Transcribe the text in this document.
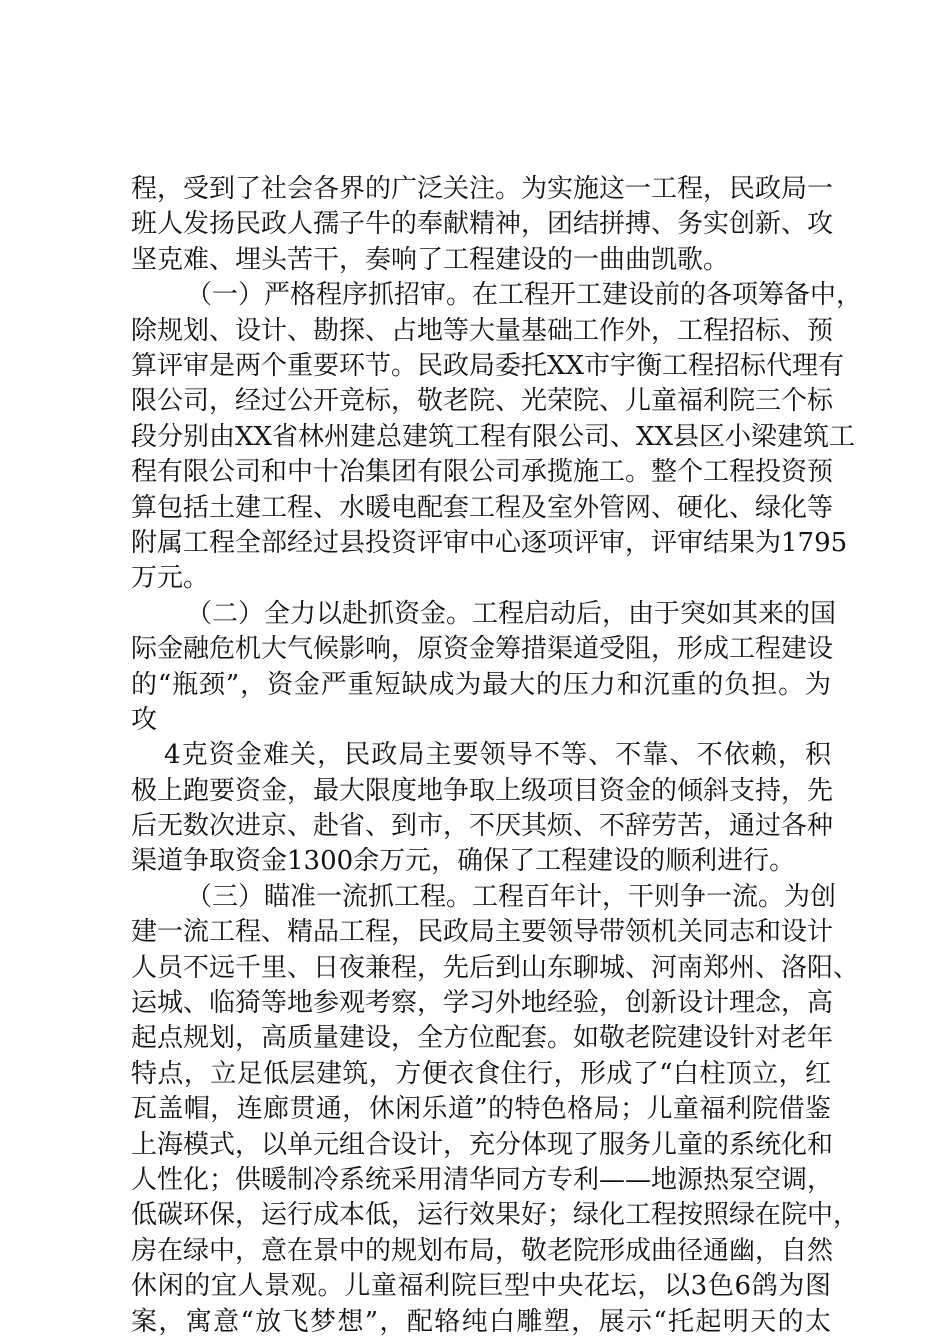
程，受到了社会各界的广泛关注。为实施这一工程，民政局一
班人发扬民政人孺子牛的奉献精神，团结拼搏、务实创新、攻
坚克难、埋头苦干，奏响了工程建设的一曲曲凯歌。
（一）严格程序抓招审。在工程开工建设前的各项筹备中，
除规划、设计、勘探、占地等大量基础工作外，工程招标、预
算评审是两个重要环节。民政局委托XX市宇衡工程招标代理有
限公司，经过公开竞标，敬老院、光荣院、儿童福利院三个标
段分别由XX省林州建总建筑工程有限公司、XX县区小梁建筑工
程有限公司和中十冶集团有限公司承揽施工。整个工程投资预
算包括土建工程、水暖电配套工程及室外管网、硬化、绿化等
附属工程全部经过县投资评审中心逐项评审，评审结果为1795
万元。
（二）全力以赴抓资金。工程启动后，由于突如其来的国
际金融危机大气候影响，原资金筹措渠道受阻，形成工程建设
的“瓶颈”，资金严重短缺成为最大的压力和沉重的负担。为
攻
4克资金难关，民政局主要领导不等、不靠、不依赖，积
极上跑要资金，最大限度地争取上级项目资金的倾斜支持，先
后无数次进京、赴省、到市，不厌其烦、不辞劳苦，通过各种
渠道争取资金1300余万元，确保了工程建设的顺利进行。
（三）瞄准一流抓工程。工程百年计，干则争一流。为创
建一流工程、精品工程，民政局主要领导带领机关同志和设计
人员不远千里、日夜兼程，先后到山东聊城、河南郑州、洛阳、
运城、临猗等地参观考察，学习外地经验，创新设计理念，高
起点规划，高质量建设，全方位配套。如敬老院建设针对老年
特点，立足低层建筑，方便衣食住行，形成了“白柱顶立，红
瓦盖帽，连廊贯通，休闲乐道”的特色格局；儿童福利院借鉴
上海模式，以单元组合设计，充分体现了服务儿童的系统化和
人性化；供暖制冷系统采用清华同方专利——地源热泵空调，
低碳环保，运行成本低，运行效果好；绿化工程按照绿在院中，
房在绿中，意在景中的规划布局，敬老院形成曲径通幽，自然
休闲的宜人景观。儿童福利院巨型中央花坛，以3色6鸽为图
案，寓意“放飞梦想”，配辂纯白雕塑，展示“托起明天的太
